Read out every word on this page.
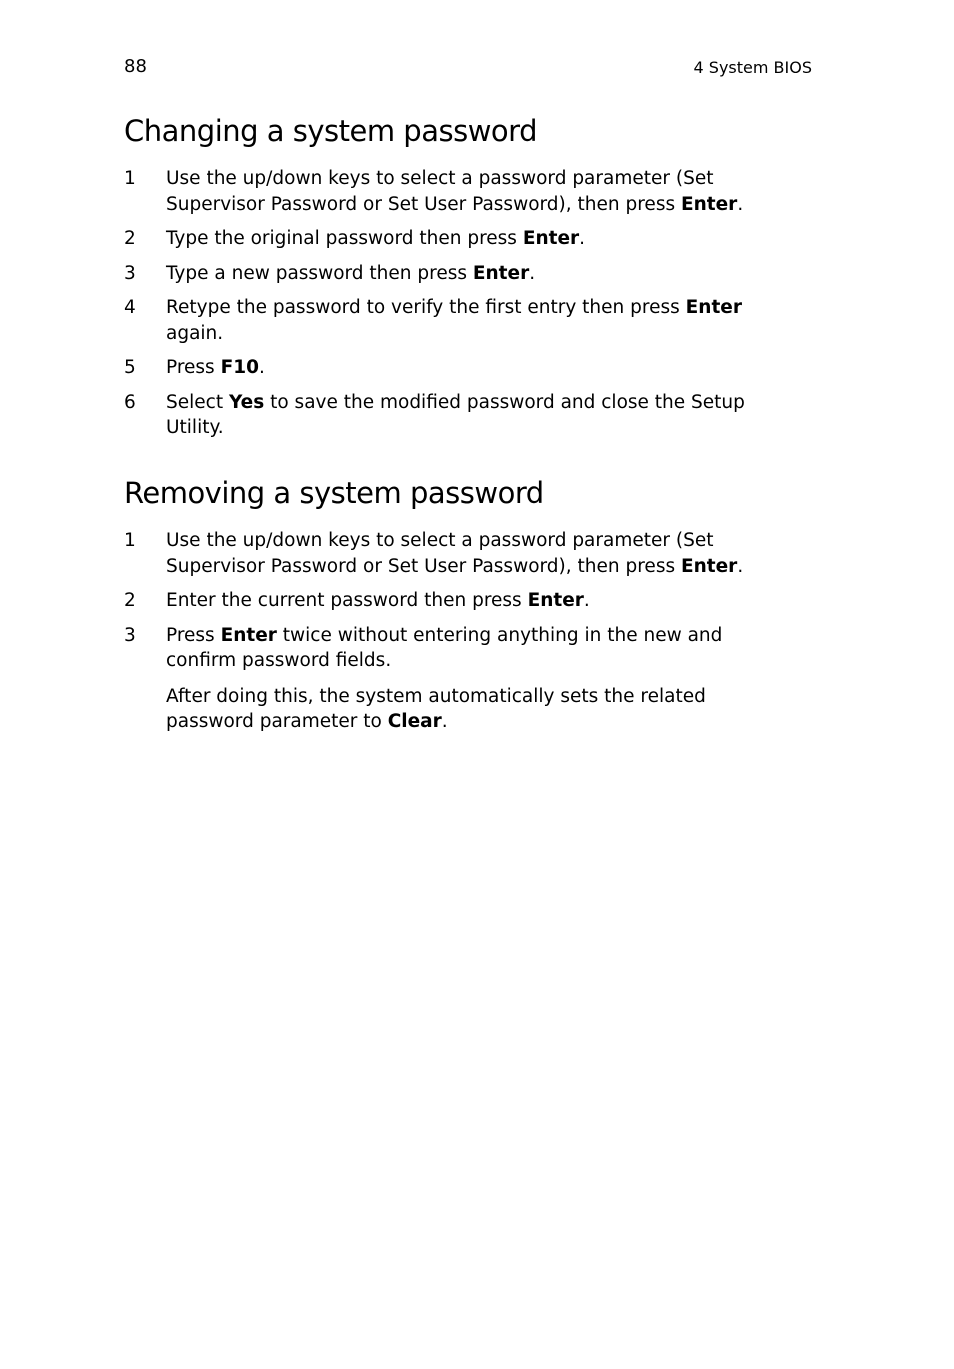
88	4 System BIOS
Changing a system password
1	Use the up/down keys to select a password parameter (Set Supervisor Password or Set User Password), then press Enter.
2	Type the original password then press Enter.
3	Type a new password then press Enter.
4	Retype the password to verify the first entry then press Enter again.
5	Press F10.
6	Select Yes to save the modified password and close the Setup Utility.
Removing a system password
1	Use the up/down keys to select a password parameter (Set Supervisor Password or Set User Password), then press Enter.
2	Enter the current password then press Enter.
3	Press Enter twice without entering anything in the new and confirm password fields.
After doing this, the system automatically sets the related password parameter to Clear.
